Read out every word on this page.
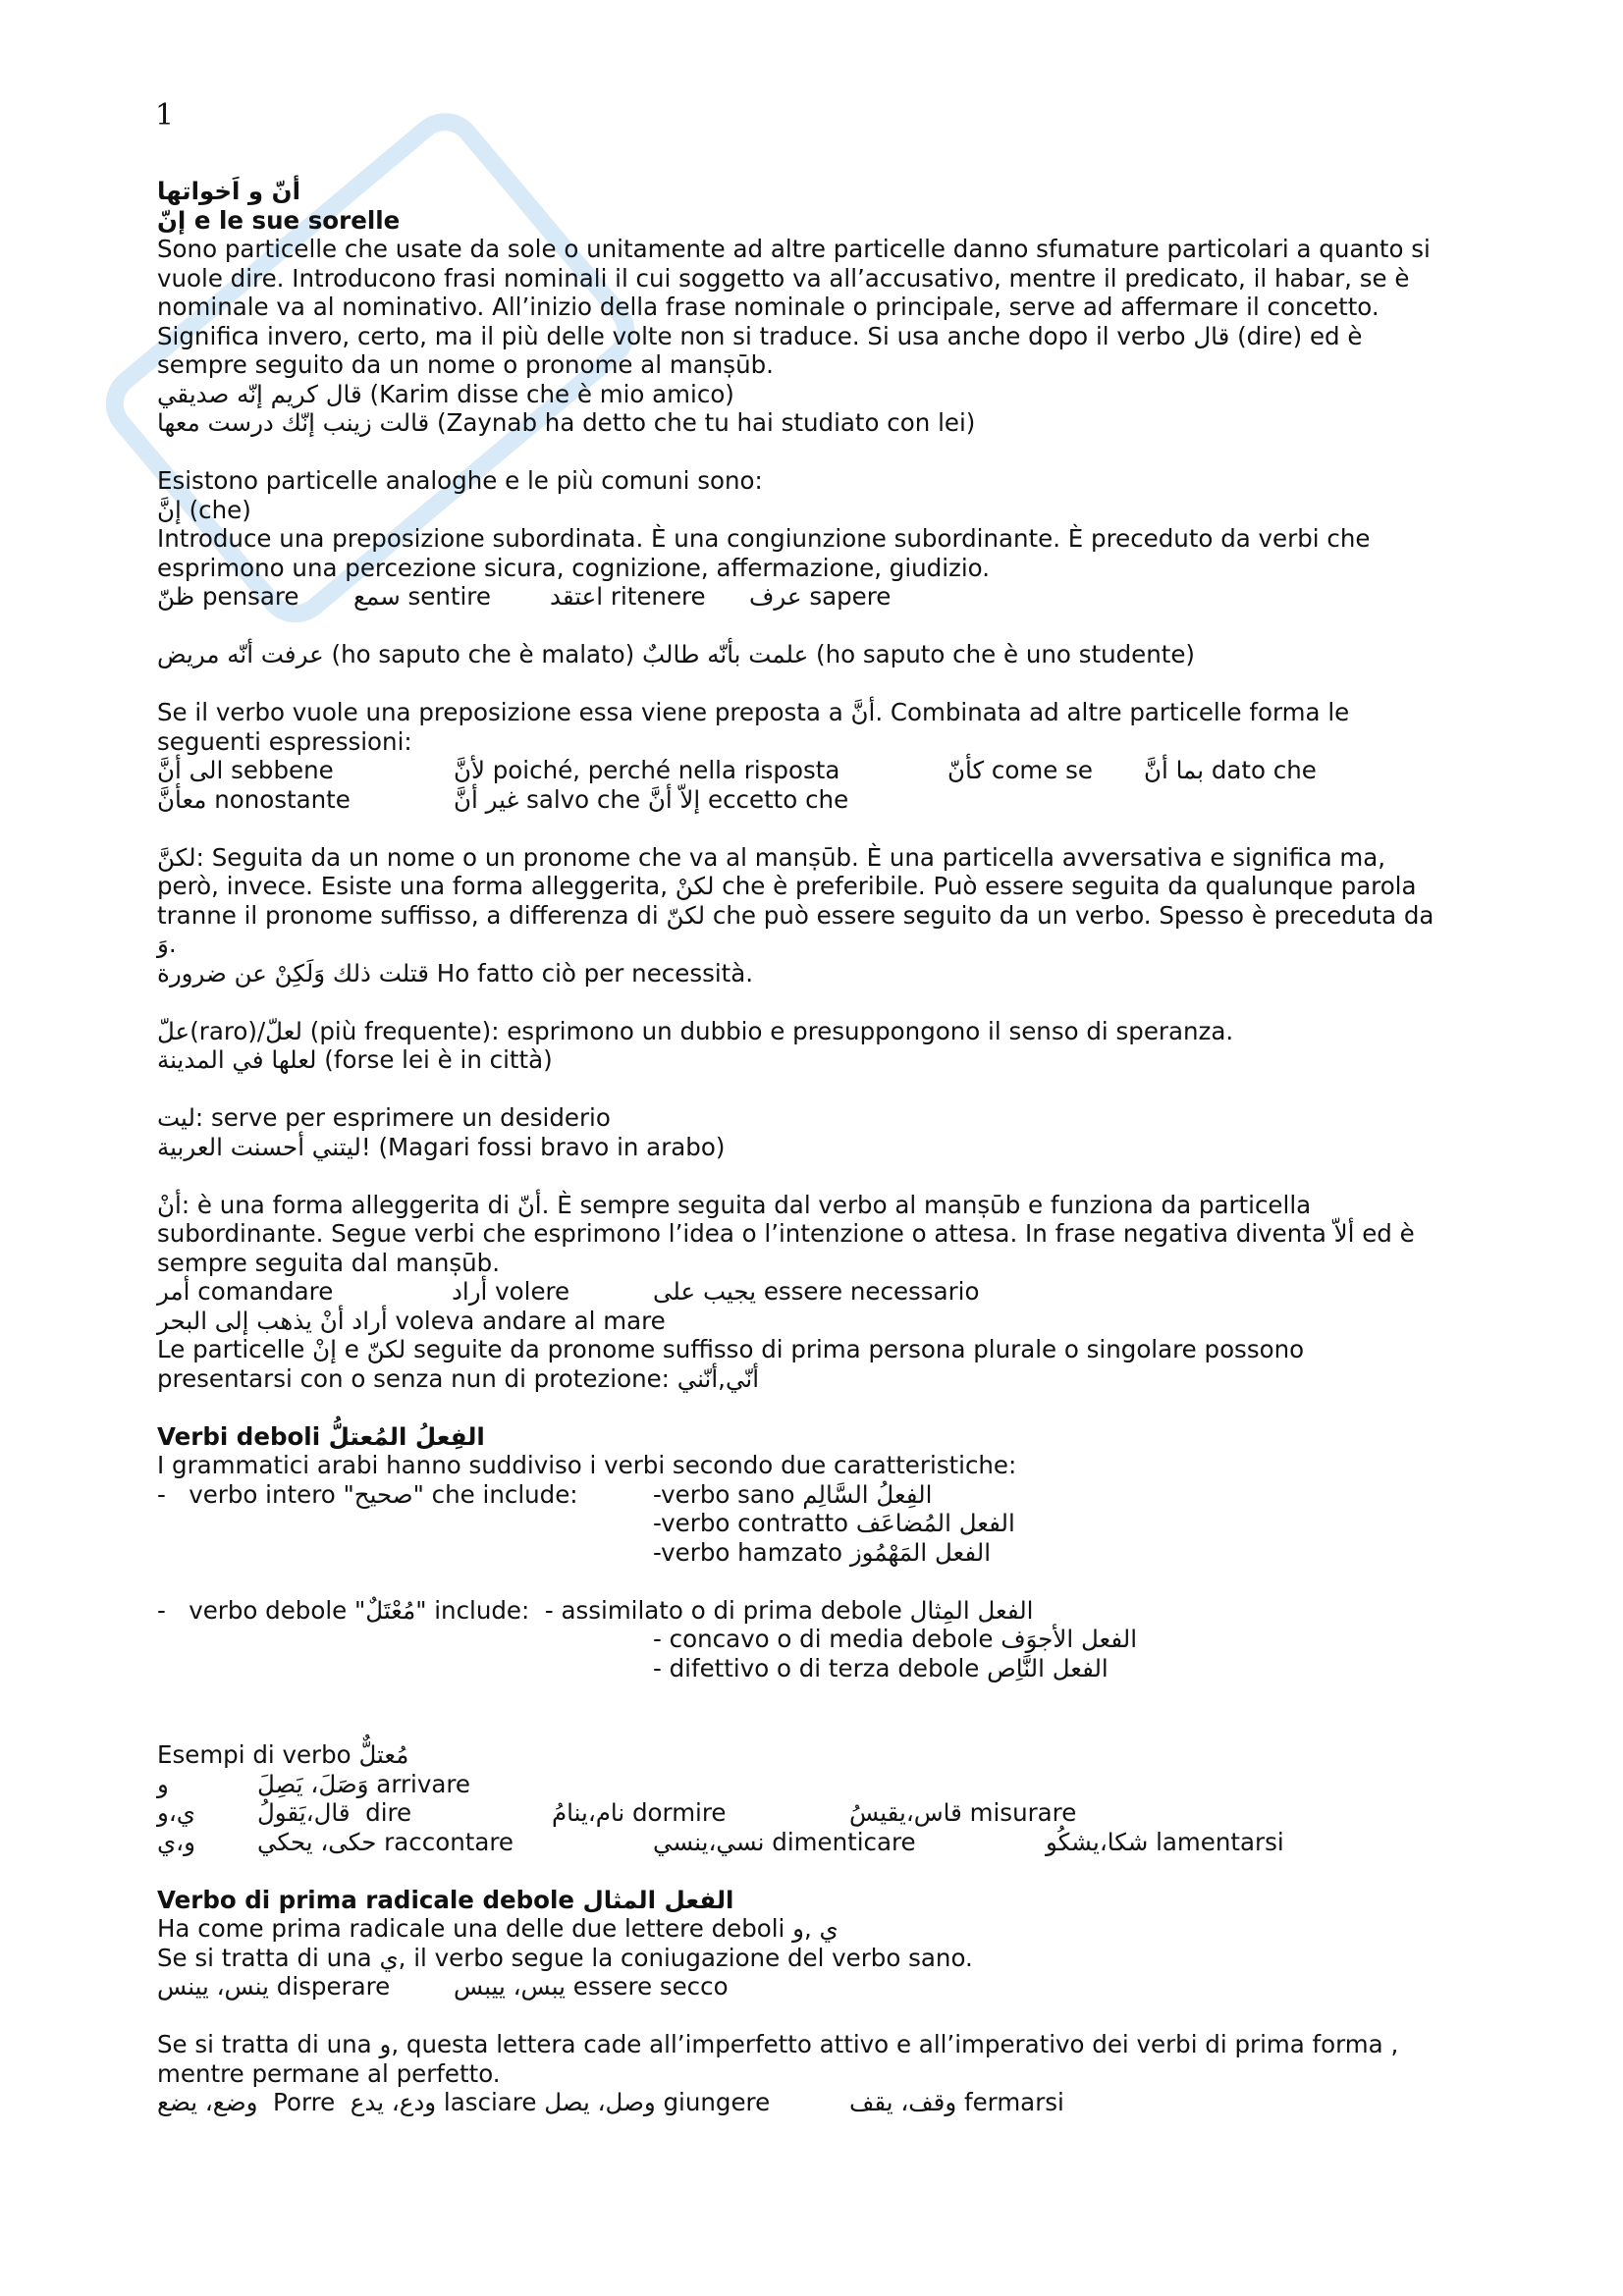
1
أنّ و اَخواتها
إنّ e le sue sorelle
Sono particelle che usate da sole o unitamente ad altre particelle danno sfumature particolari a quanto si
vuole dire. Introducono frasi nominali il cui soggetto va all’accusativo, mentre il predicato, il habar, se è
nominale va al nominativo. All’inizio della frase nominale o principale, serve ad affermare il concetto.
Significa invero, certo, ma il più delle volte non si traduce. Si usa anche dopo il verbo قال (dire) ed è
sempre seguito da un nome o pronome al manṣūb.
قال كريم إنّه صديقي (Karim disse che è mio amico)
قالت زينب إنّك درست معها (Zaynab ha detto che tu hai studiato con lei)
Esistono particelle analoghe e le più comuni sono:
إنَّ (che)
Introduce una preposizione subordinata. È una congiunzione subordinante. È preceduto da verbi che
esprimono una percezione sicura, cognizione, affermazione, giudizio.
ظنّ pensare سمع sentire اعتقد ritenere عرف sapere
عرفت أنّه مريض (ho saputo che è malato) علمت بأنّه طالبٌ (ho saputo che è uno studente)
Se il verbo vuole una preposizione essa viene preposta a أنَّ. Combinata ad altre particelle forma le
seguenti espressioni:
الى أنَّ sebbene	لأنَّ poiché, perché nella risposta	كأنّ come se بما أنَّ dato che
معأنَّ nonostante	غير أنَّ salvo che إلاّ أنَّ eccetto che
لكنَّ: Seguita da un nome o un pronome che va al manṣūb. È una particella avversativa e significa ma,
però, invece. Esiste una forma alleggerita, لكنْ che è preferibile. Può essere seguita da qualunque parola
tranne il pronome suffisso, a differenza di لكنّ che può essere seguito da un verbo. Spesso è preceduta da
وَ.
قتلت ذلك وَلَكِنْ عن ضرورة Ho fatto ciò per necessità.
علّ(raro)/لعلّ (più frequente): esprimono un dubbio e presuppongono il senso di speranza.
لعلها في المدينة (forse lei è in città)
ليت: serve per esprimere un desiderio
ليتني أحسنت العربية! (Magari fossi bravo in arabo)
أنْ: è una forma alleggerita di أنّ. È sempre seguita dal verbo al manṣūb e funziona da particella
subordinante. Segue verbi che esprimono l’idea o l’intenzione o attesa. In frase negativa diventa ألاّ ed è
sempre seguita dal manṣūb.
أمر comandare	أراد volere	يجيب على essere necessario
أراد أنْ يذهب إلى البحر voleva andare al mare
Le particelle إنْ e لكنّ seguite da pronome suffisso di prima persona plurale o singolare possono
presentarsi con o senza nun di protezione: أنّي,أنّني
Verbi deboli الفِعلُ المُعتلُّ
I grammatici arabi hanno suddiviso i verbi secondo due caratteristiche:
-   verbo intero "صحيح" che include:	-verbo sano الفِعلُ السَّالِم
-verbo contratto الفعل المُضاعَف
-verbo hamzato الفعل المَهْمُوز
-   verbo debole "مُعْتَلٌ" include:  - assimilato o di prima debole الفعل المِثال
- concavo o di media debole الفعل الأجوَف
- difettivo o di terza debole الفعل النَّاِص
Esempi di verbo مُعتلٌّ
و	وَصَلَ، يَصِلَ arrivare
ي،و	قال،يَقولُ  dire	نام،ينامُ dormire	قاس،يقيسُ misurare
و،ي	حكى، يحكي raccontare	نسي،ينسي dimenticare	شكا،يشكُو lamentarsi
Verbo di prima radicale debole الفعل المثال
Ha come prima radicale una delle due lettere deboli ي ,و
Se si tratta di una ي, il verbo segue la coniugazione del verbo sano.
ينس، يينس disperare	يبس، ييبس essere secco
Se si tratta di una و, questa lettera cade all’imperfetto attivo e all’imperativo dei verbi di prima forma ,
mentre permane al perfetto.
وضع، يضع  Porre  ودع، يدع lasciare وصل، يصل giungere	وقف، يقف fermarsi
